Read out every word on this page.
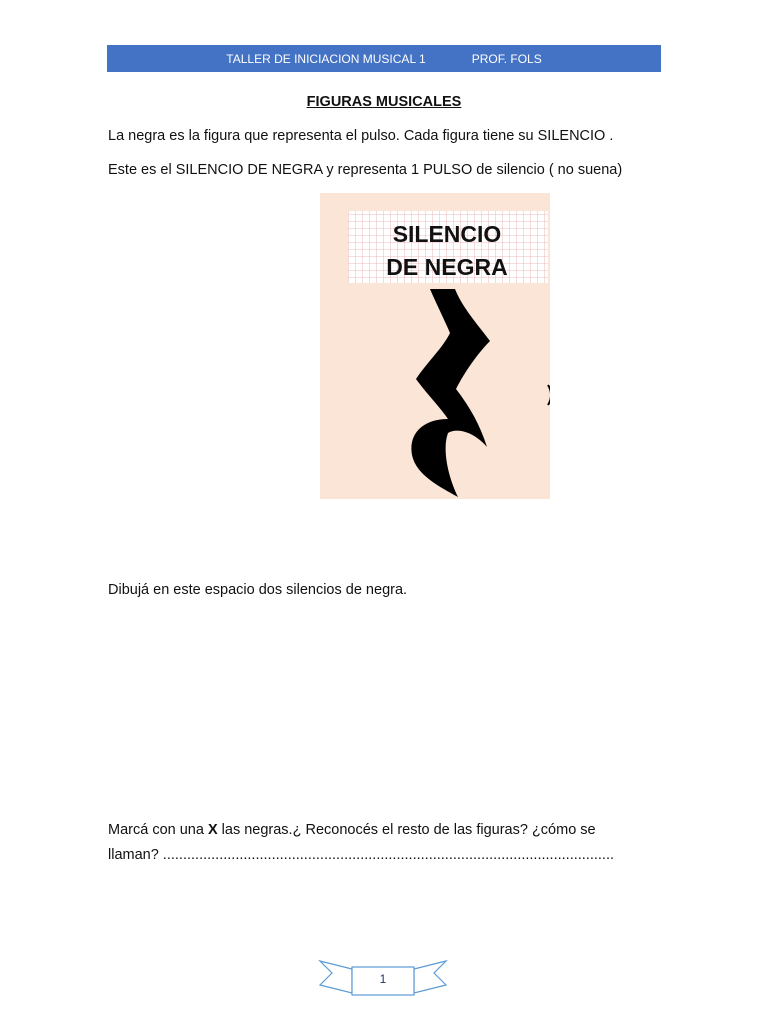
TALLER DE INICIACION MUSICAL 1	PROF. FOLS
FIGURAS MUSICALES
La negra es la figura que representa el pulso. Cada figura tiene su SILENCIO .
Este es el SILENCIO DE NEGRA y representa 1 PULSO de silencio ( no suena)
SILENCIO
DE NEGRA
Dibujá en este espacio dos silencios de negra.
Marcá con una X las negras.¿ Reconocés el resto de las figuras? ¿cómo se
llaman? ................................................................................................................
1
